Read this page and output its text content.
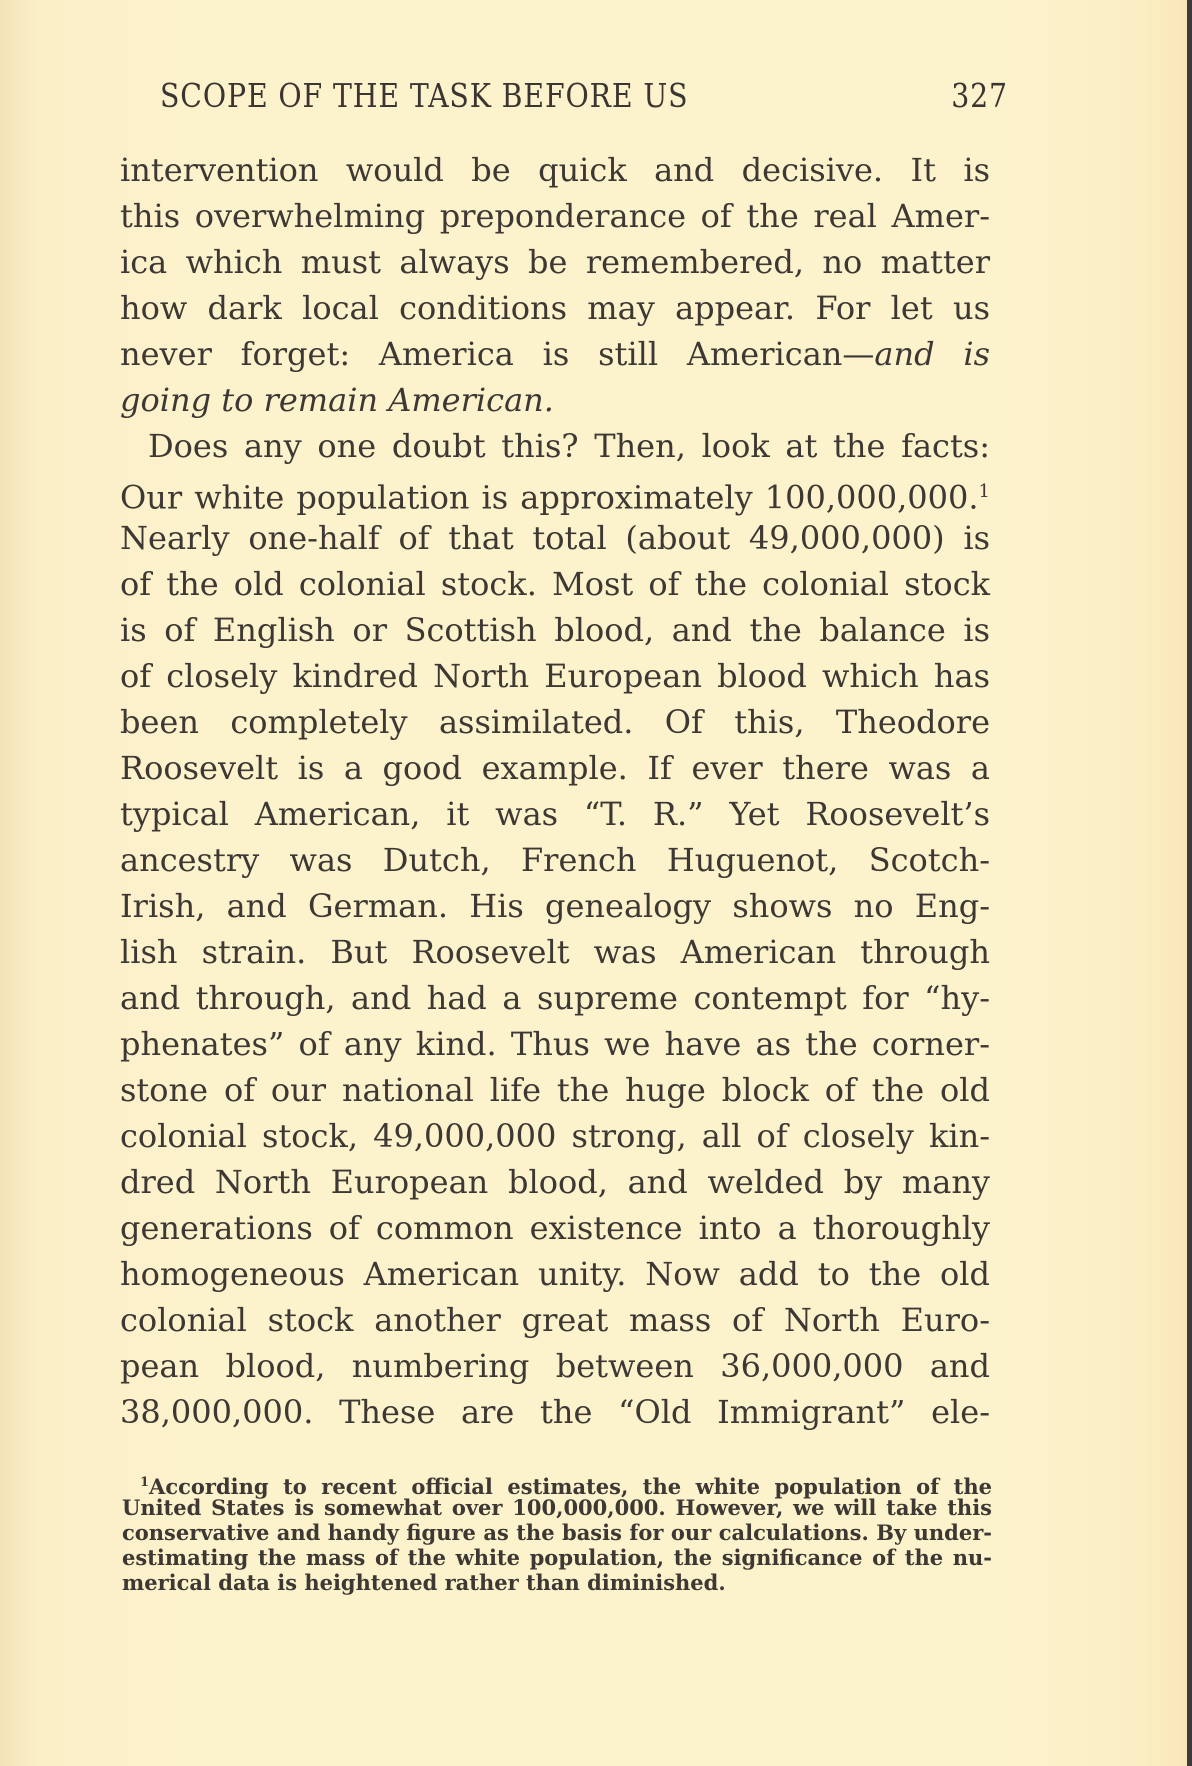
SCOPE OF THE TASK BEFORE US	327
intervention would be quick and decisive. It is
this overwhelming preponderance of the real Amer-
ica which must always be remembered, no matter
how dark local conditions may appear. For let us
never forget: America is still American—and is
going to remain American.
Does any one doubt this? Then, look at the facts:
Our white population is approximately 100,000,000.$^1$
Nearly one-half of that total (about 49,000,000) is
of the old colonial stock. Most of the colonial stock
is of English or Scottish blood, and the balance is
of closely kindred North European blood which has
been completely assimilated. Of this, Theodore
Roosevelt is a good example. If ever there was a
typical American, it was “T. R.” Yet Roosevelt’s
ancestry was Dutch, French Huguenot, Scotch-
Irish, and German. His genealogy shows no Eng-
lish strain. But Roosevelt was American through
and through, and had a supreme contempt for “hy-
phenates” of any kind. Thus we have as the corner-
stone of our national life the huge block of the old
colonial stock, 49,000,000 strong, all of closely kin-
dred North European blood, and welded by many
generations of common existence into a thoroughly
homogeneous American unity. Now add to the old
colonial stock another great mass of North Euro-
pean blood, numbering between 36,000,000 and
38,000,000. These are the “Old Immigrant” ele-
$^1$According to recent official estimates, the white population of the
United States is somewhat over 100,000,000. However, we will take this
conservative and handy figure as the basis for our calculations. By under-
estimating the mass of the white population, the significance of the nu-
merical data is heightened rather than diminished.
